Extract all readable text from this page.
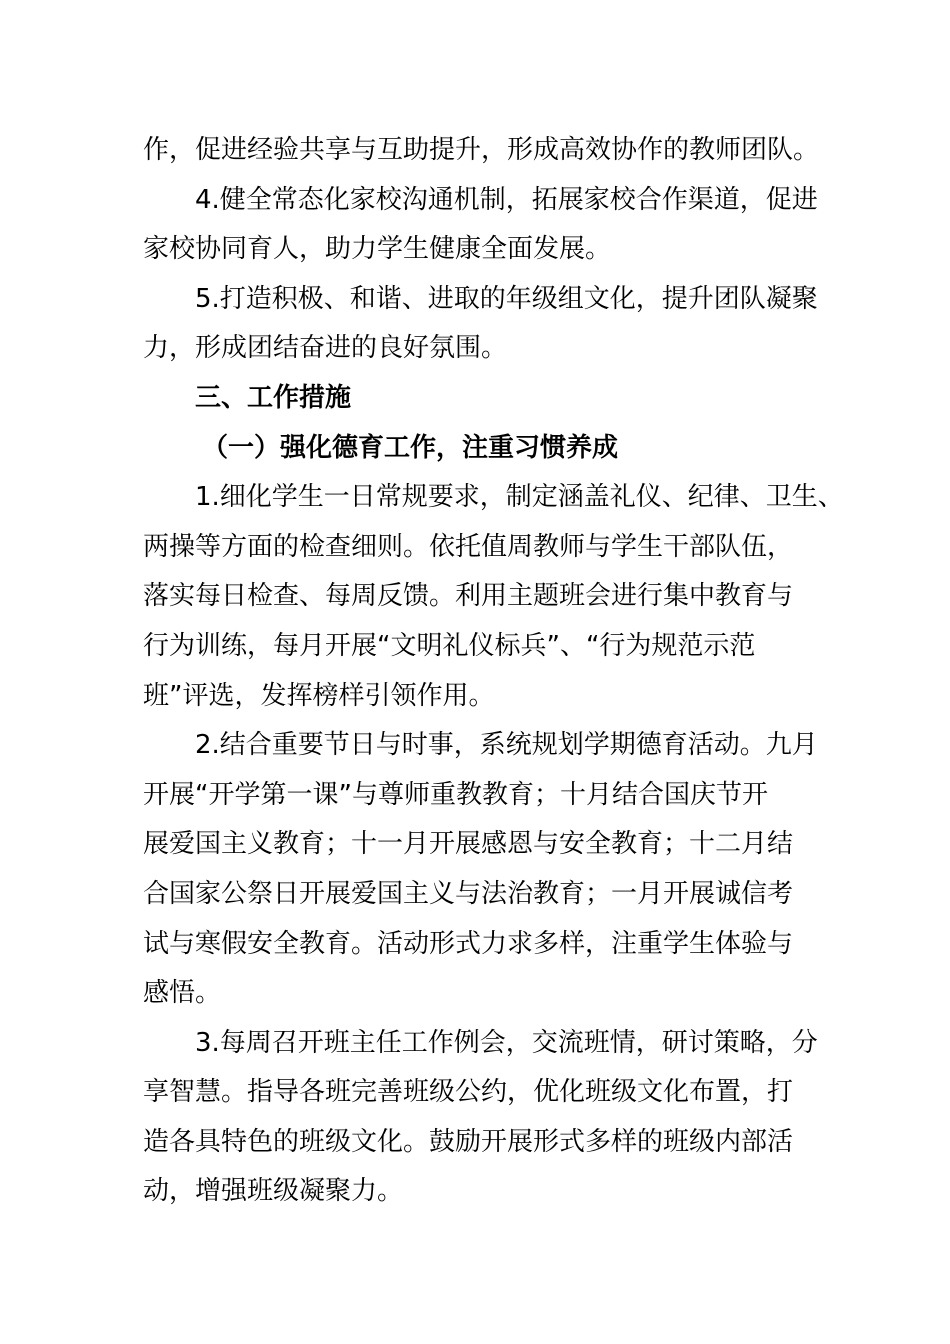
作，促进经验共享与互助提升，形成高效协作的教师团队。
4.健全常态化家校沟通机制，拓展家校合作渠道，促进
家校协同育人，助力学生健康全面发展。
5.打造积极、和谐、进取的年级组文化，提升团队凝聚
力，形成团结奋进的良好氛围。
三、工作措施
（一）强化德育工作，注重习惯养成
1.细化学生一日常规要求，制定涵盖礼仪、纪律、卫生、
两操等方面的检查细则。依托值周教师与学生干部队伍，
落实每日检查、每周反馈。利用主题班会进行集中教育与
行为训练，每月开展“文明礼仪标兵”、“行为规范示范
班”评选，发挥榜样引领作用。
2.结合重要节日与时事，系统规划学期德育活动。九月
开展“开学第一课”与尊师重教教育；十月结合国庆节开
展爱国主义教育；十一月开展感恩与安全教育；十二月结
合国家公祭日开展爱国主义与法治教育；一月开展诚信考
试与寒假安全教育。活动形式力求多样，注重学生体验与
感悟。
3.每周召开班主任工作例会，交流班情，研讨策略，分
享智慧。指导各班完善班级公约，优化班级文化布置，打
造各具特色的班级文化。鼓励开展形式多样的班级内部活
动，增强班级凝聚力。
